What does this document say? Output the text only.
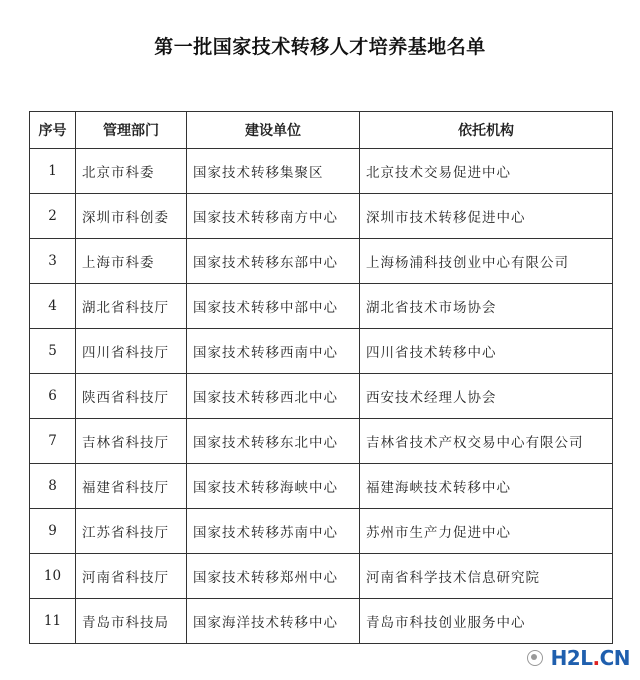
第一批国家技术转移人才培养基地名单
序号	管理部门	建设单位	依托机构
1	北京市科委	国家技术转移集聚区	北京技术交易促进中心
2	深圳市科创委	国家技术转移南方中心	深圳市技术转移促进中心
3	上海市科委	国家技术转移东部中心	上海杨浦科技创业中心有限公司
4	湖北省科技厅	国家技术转移中部中心	湖北省技术市场协会
5	四川省科技厅	国家技术转移西南中心	四川省技术转移中心
6	陕西省科技厅	国家技术转移西北中心	西安技术经理人协会
7	吉林省科技厅	国家技术转移东北中心	吉林省技术产权交易中心有限公司
8	福建省科技厅	国家技术转移海峡中心	福建海峡技术转移中心
9	江苏省科技厅	国家技术转移苏南中心	苏州市生产力促进中心
10	河南省科技厅	国家技术转移郑州中心	河南省科学技术信息研究院
11	青岛市科技局	国家海洋技术转移中心	青岛市科技创业服务中心
H2L.CN
